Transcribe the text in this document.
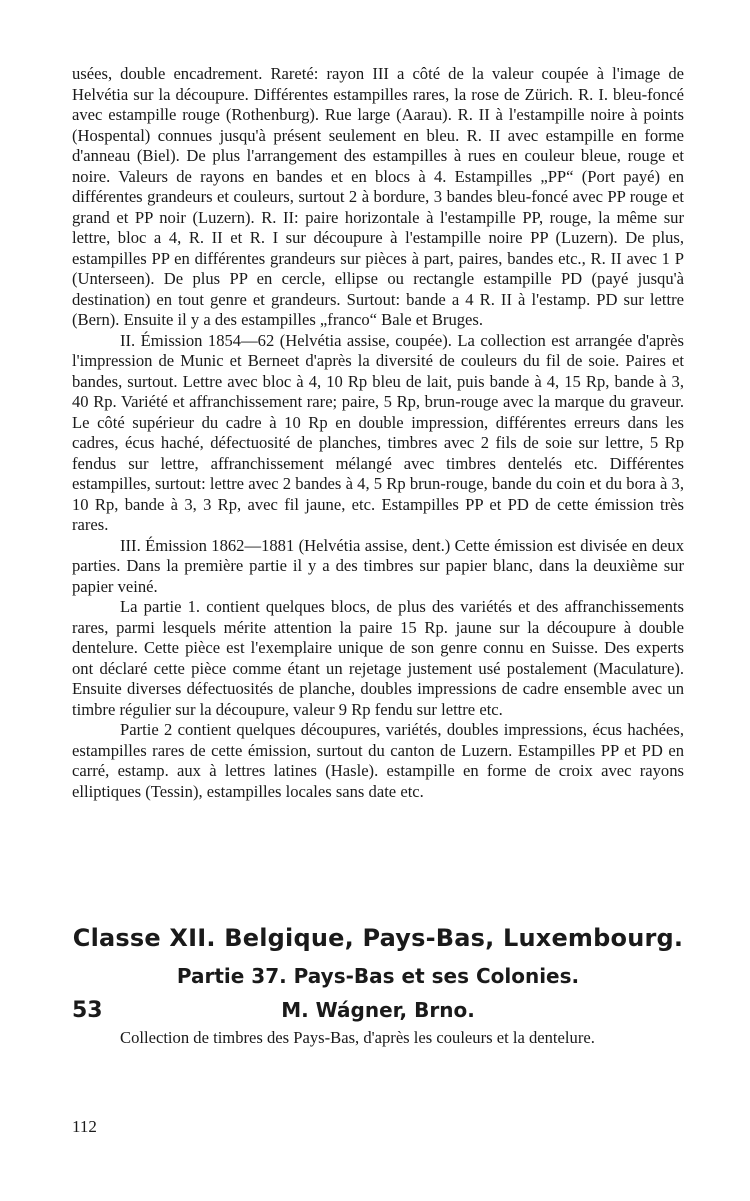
usées, double encadrement. Rareté: rayon III a côté de la valeur coupée à l'image de Helvétia sur la découpure. Différentes estampilles rares, la rose de Zürich. R. I. bleu-foncé avec estampille rouge (Rothenburg). Rue large (Aarau). R. II à l'estampille noire à points (Hospental) connues jusqu'à présent seulement en bleu. R. II avec estampille en forme d'anneau (Biel). De plus l'arrangement des estampilles à rues en couleur bleue, rouge et noire. Valeurs de rayons en bandes et en blocs à 4. Estampilles „PP“ (Port payé) en différentes grandeurs et couleurs, surtout 2 à bordure, 3 bandes bleu-foncé avec PP rouge et grand et PP noir (Luzern). R. II: paire horizontale à l'estampille PP, rouge, la même sur lettre, bloc a 4, R. II et R. I sur découpure à l'estampille noire PP (Luzern). De plus, estampilles PP en différentes grandeurs sur pièces à part, paires, bandes etc., R. II avec 1 P (Unterseen). De plus PP en cercle, ellipse ou rectangle estampille PD (payé jusqu'à destination) en tout genre et grandeurs. Surtout: bande a 4 R. II à l'estamp. PD sur lettre (Bern). Ensuite il y a des estampilles „franco“ Bale et Bruges.

II. Émission 1854—62 (Helvétia assise, coupée). La collection est arrangée d'après l'impression de Munic et Berneet d'après la diversité de couleurs du fil de soie. Paires et bandes, surtout. Lettre avec bloc à 4, 10 Rp bleu de lait, puis bande à 4, 15 Rp, bande à 3, 40 Rp. Variété et affranchissement rare; paire, 5 Rp, brun-rouge avec la marque du graveur. Le côté supérieur du cadre à 10 Rp en double impression, différentes erreurs dans les cadres, écus haché, défectuosité de planches, timbres avec 2 fils de soie sur lettre, 5 Rp fendus sur lettre, affranchissement mélangé avec timbres dentelés etc. Différentes estampilles, surtout: lettre avec 2 bandes à 4, 5 Rp brun-rouge, bande du coin et du bora à 3, 10 Rp, bande à 3, 3 Rp, avec fil jaune, etc. Estampilles PP et PD de cette émission très rares.

III. Émission 1862—1881 (Helvétia assise, dent.) Cette émission est divisée en deux parties. Dans la première partie il y a des timbres sur papier blanc, dans la deuxième sur papier veiné.

La partie 1. contient quelques blocs, de plus des variétés et des affranchissements rares, parmi lesquels mérite attention la paire 15 Rp. jaune sur la découpure à double dentelure. Cette pièce est l'exemplaire unique de son genre connu en Suisse. Des experts ont déclaré cette pièce comme étant un rejetage justement usé postalement (Maculature). Ensuite diverses défectuosités de planche, doubles impressions de cadre ensemble avec un timbre régulier sur la découpure, valeur 9 Rp fendu sur lettre etc.

Partie 2 contient quelques découpures, variétés, doubles impressions, écus hachées, estampilles rares de cette émission, surtout du canton de Luzern. Estampilles PP et PD en carré, estamp. aux à lettres latines (Hasle). estampille en forme de croix avec rayons elliptiques (Tessin), estampilles locales sans date etc.

Classe XII. Belgique, Pays-Bas, Luxembourg.
Partie 37. Pays-Bas et ses Colonies.
53	M. Wágner, Brno.

Collection de timbres des Pays-Bas, d'après les couleurs et la dentelure.

112
